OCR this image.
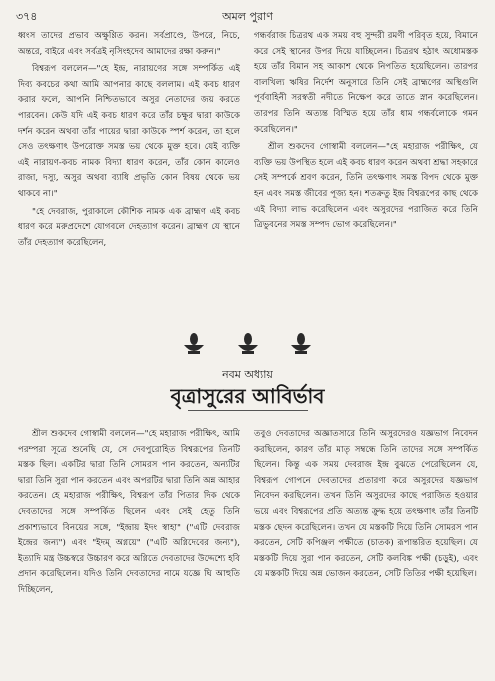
৩৭৪	অমল পুরাণ

ধ্বংস তাদের প্রভাব অক্ষুণ্ণিত করন। সর্বপ্রাণ্ডে, উপরে, নিচে, অন্তরে, বাইরে এবং সর্বত্রই নৃসিংহদেব আমাদের রক্ষা করুন।"

বিশ্বরূপ বললেন—"হে ইন্দ্র, নারায়ণের সঙ্গে সম্পর্কিত এই দিব্য কবচের কথা আমি আপনার কাছে বললাম। এই কবচ ধারণ করার ফলে, আপনি নিশ্চিতভাবে অসুর নেতাদের জয় করতে পারবেন। কেউ যদি এই কবচ ধারণ করে তাঁর চক্ষুর দ্বারা কাউকে দর্শন করেন অথবা তাঁর পায়ের দ্বারা কাউকে স্পর্শ করেন, তা হলে সেও তৎক্ষণাৎ উপরোক্ত সমস্ত ভয় থেকে মুক্ত হবে। যেই ব্যক্তি এই নারায়ণ-কবচ নামক বিদ্যা ধারণ করেন, তাঁর কোন কালেও রাজা, দস্যু, অসুর অথবা ব্যাধি প্রভৃতি কোন বিষয় থেকে ভয় থাকবে না।"

"হে দেবরাজ, পুরাকালে কৌশিক নামক এক ব্রাহ্মণ এই কবচ ধারণ করে মরুপ্রদেশে যোগবলে দেহত্যাগ করেন। ব্রাহ্মণ যে স্থানে তাঁর দেহত্যাগ করেছিলেন,

গন্ধর্বরাজ চিত্ররথ এক সময় বহু সুন্দরী রমণী পরিবৃত হয়ে, বিমানে করে সেই স্থানের উপর দিয়ে যাচ্ছিলেন। চিত্ররথ হঠাৎ অধোমস্তক হয়ে তাঁর বিমান সহ আকাশ থেকে নিপতিত হয়েছিলেন। তারপর বালখিল্য ঋষির নির্দেশ অনুসারে তিনি সেই ব্রাহ্মণের অস্থিগুলি পূর্ববাহিনী সরস্বতী নদীতে নিক্ষেপ করে তাতে স্নান করেছিলেন। তারপর তিনি অত্যন্ত বিস্মিত হয়ে তাঁর ধাম গন্ধর্বলোকে গমন করেছিলেন।"

শ্রীল শুকদেব গোস্বামী বললেন—"হে মহারাজ পরীক্ষিৎ, যে ব্যক্তি ভয় উপস্থিত হলে এই কবচ ধারণ করেন অথবা শ্রদ্ধা সহকারে সেই সম্পর্কে শ্রবণ করেন, তিনি তৎক্ষণাৎ সমস্ত বিপদ থেকে মুক্ত হন এবং সমস্ত জীবের পূজ্য হন। শতক্রতু ইন্দ্র বিশ্বরূপের কাছ থেকে এই বিদ্যা লাভ করেছিলেন এবং অসুরদের পরাজিত করে তিনি ত্রিভুবনের সমস্ত সম্পদ ভোগ করেছিলেন।"

নবম অধ্যায়
বৃত্রাসুরের আবির্ভাব

শ্রীল শুকদেব গোস্বামী বললেন—"হে মহারাজ পরীক্ষিৎ, আমি পরম্পরা সূত্রে শুনেছি যে, সে দেবপুরোহিত বিশ্বরূপের তিনটি মস্তক ছিল। একটির দ্বারা তিনি সোমরস পান করতেন, অন্যটির দ্বারা তিনি সুরা পান করতেন এবং অপরটির দ্বারা তিনি অন্ন আহার করতেন। হে মহারাজ পরীক্ষিৎ, বিশ্বরূপ তাঁর পিতার দিক থেকে দেবতাদের সঙ্গে সম্পর্কিত ছিলেন এবং সেই হেতু তিনি প্রকাশ্যভাবে বিনয়ের সঙ্গে, "ইন্দ্রায় ইদং স্বাহা" ("এটি দেবরাজ ইন্দ্রের জন্য") এবং "ইদম্ অগ্নয়ে" ("এটি অগ্নিদেবের জন্য"), ইত্যাদি মন্ত্র উচ্চস্বরে উচ্চারণ করে অগ্নিতে দেবতাদের উদ্দেশ্যে হবি প্রদান করেছিলেন। যদিও তিনি দেবতাদের নামে যজ্ঞে ঘি আহুতি দিচ্ছিলেন,

তবুও দেবতাদের অজ্ঞাতসারে তিনি অসুরদেরও যজ্ঞভাগ নিবেদন করছিলেন, কারণ তাঁর মাতৃ সম্বন্ধে তিনি তাদের সঙ্গে সম্পর্কিত ছিলেন। কিন্তু এক সময় দেবরাজ ইন্দ্র বুঝতে পেরেছিলেন যে, বিশ্বরূপ গোপনে দেবতাদের প্রতারণা করে অসুরদের যজ্ঞভাগ নিবেদন করছিলেন। তখন তিনি অসুরদের কাছে পরাজিত হওয়ার ভয়ে এবং বিশ্বরূপের প্রতি অত্যন্ত ক্রুদ্ধ হয়ে তৎক্ষণাৎ তাঁর তিনটি মস্তক ছেদন করেছিলেন। তখন যে মস্তকটি দিয়ে তিনি সোমরস পান করতেন, সেটি কপিঞ্জল পক্ষীতে (চাতক) রূপান্তরিত হয়েছিল। যে মস্তকটি দিয়ে সুরা পান করতেন, সেটি কলবিঙ্ক পক্ষী (চড়ুই), এবং যে মস্তকটি দিয়ে অন্ন ভোজন করতেন, সেটি তিতির পক্ষী হয়েছিল।
